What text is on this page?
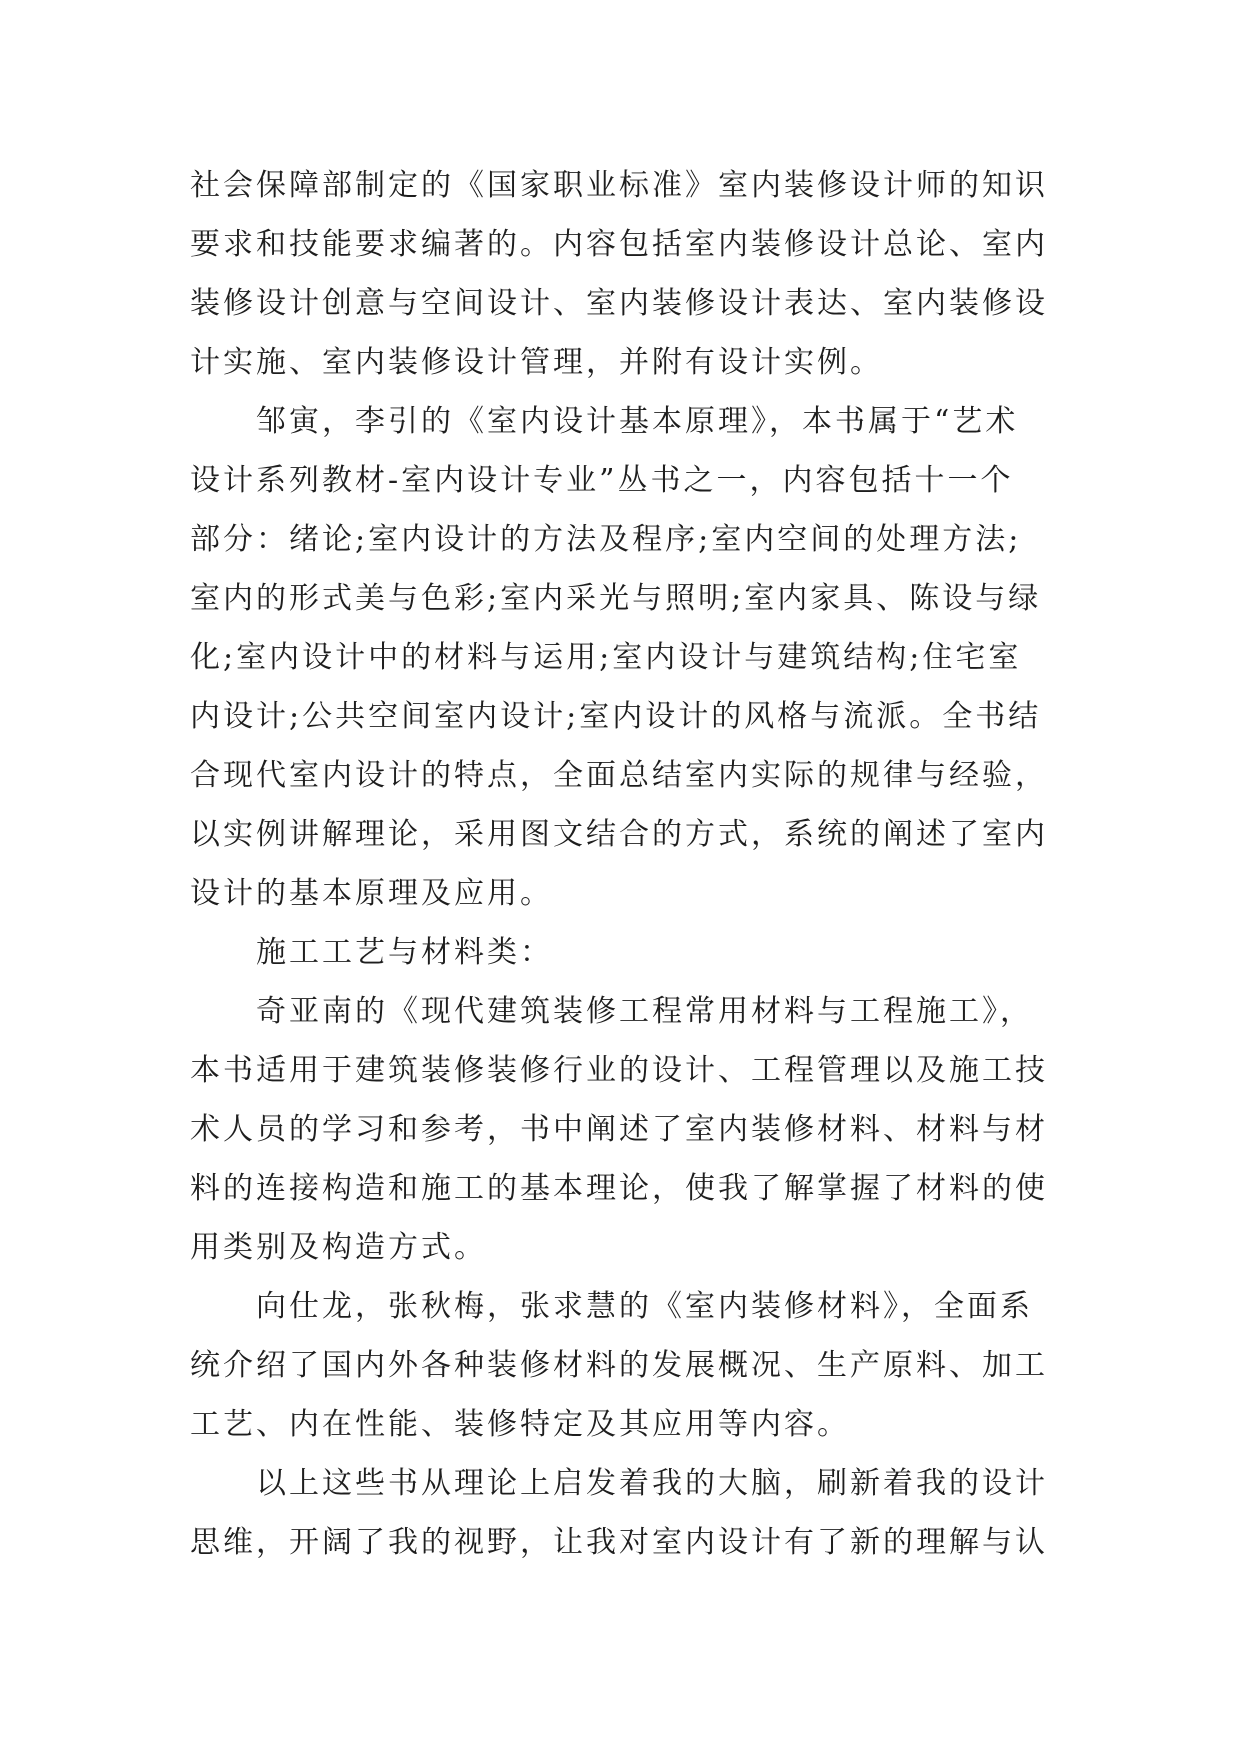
社会保障部制定的《国家职业标准》室内装修设计师的知识
要求和技能要求编著的。内容包括室内装修设计总论、室内
装修设计创意与空间设计、室内装修设计表达、室内装修设
计实施、室内装修设计管理，并附有设计实例。
邹寅，李引的《室内设计基本原理》，本书属于“艺术
设计系列教材-室内设计专业”丛书之一，内容包括十一个
部分：绪论;室内设计的方法及程序;室内空间的处理方法;
室内的形式美与色彩;室内采光与照明;室内家具、陈设与绿
化;室内设计中的材料与运用;室内设计与建筑结构;住宅室
内设计;公共空间室内设计;室内设计的风格与流派。全书结
合现代室内设计的特点，全面总结室内实际的规律与经验，
以实例讲解理论，采用图文结合的方式，系统的阐述了室内
设计的基本原理及应用。
施工工艺与材料类：
奇亚南的《现代建筑装修工程常用材料与工程施工》，
本书适用于建筑装修装修行业的设计、工程管理以及施工技
术人员的学习和参考，书中阐述了室内装修材料、材料与材
料的连接构造和施工的基本理论，使我了解掌握了材料的使
用类别及构造方式。
向仕龙，张秋梅，张求慧的《室内装修材料》，全面系
统介绍了国内外各种装修材料的发展概况、生产原料、加工
工艺、内在性能、装修特定及其应用等内容。
以上这些书从理论上启发着我的大脑，刷新着我的设计
思维，开阔了我的视野，让我对室内设计有了新的理解与认
